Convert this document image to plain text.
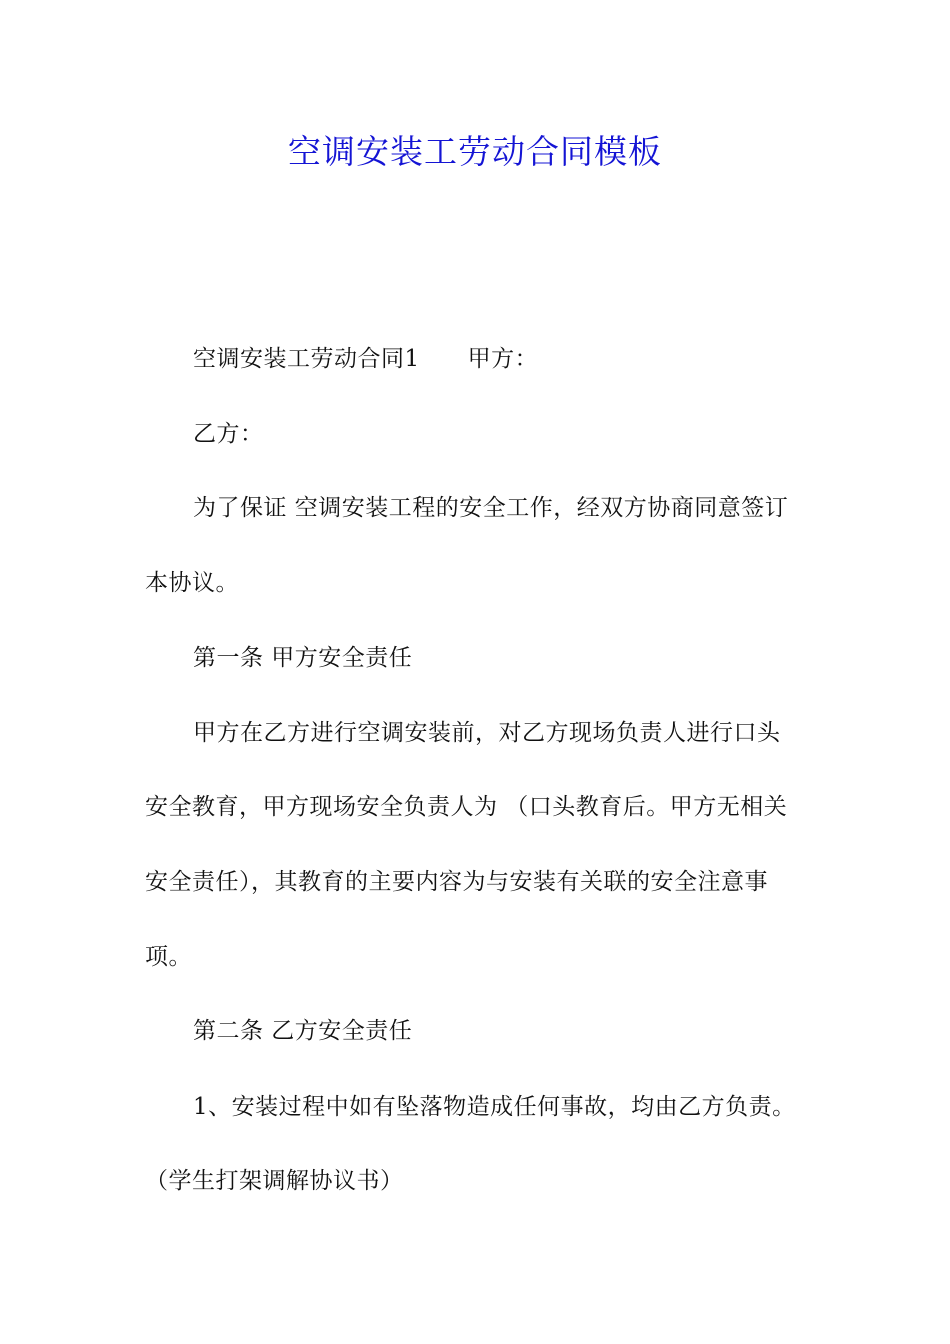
空调安装工劳动合同模板
空调安装工劳动合同1 甲方：
乙方：
为了保证 空调安装工程的安全工作，经双方协商同意签订
本协议。
第一条 甲方安全责任
甲方在乙方进行空调安装前，对乙方现场负责人进行口头
安全教育，甲方现场安全负责人为 （口头教育后。甲方无相关
安全责任），其教育的主要内容为与安装有关联的安全注意事
项。
第二条 乙方安全责任
1、安装过程中如有坠落物造成任何事故，均由乙方负责。
（学生打架调解协议书）
